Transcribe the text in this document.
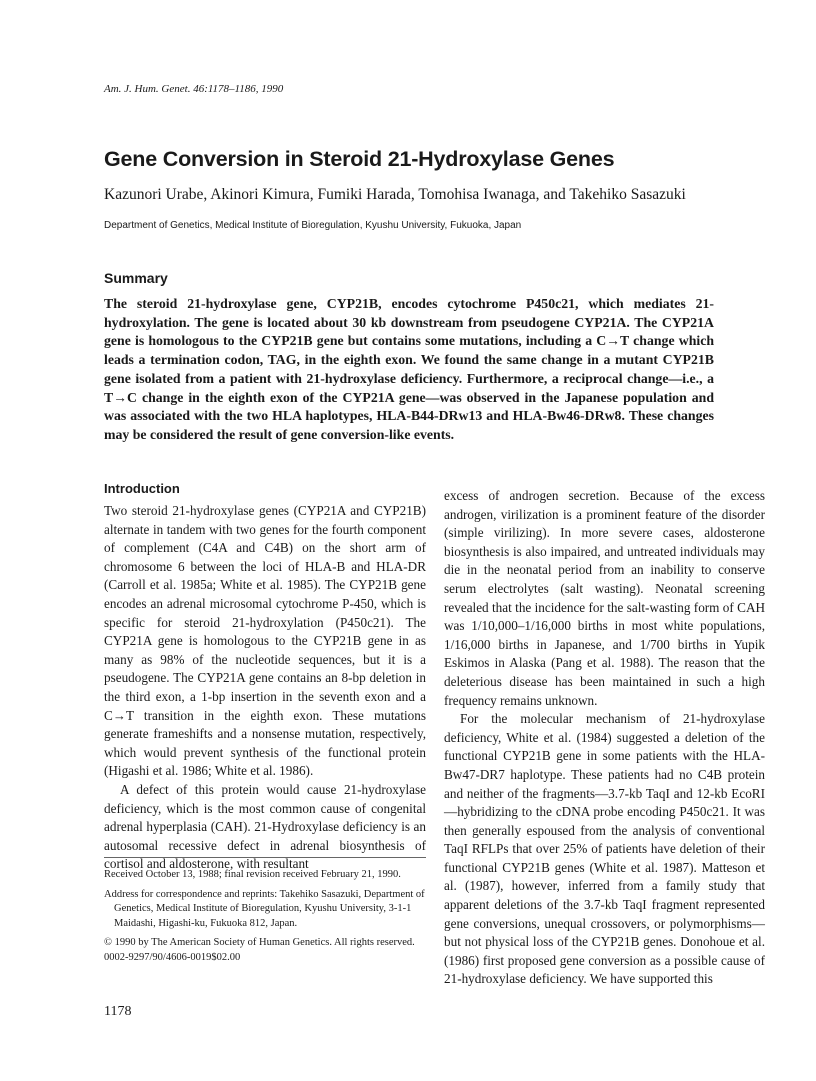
Am. J. Hum. Genet. 46:1178–1186, 1990
Gene Conversion in Steroid 21-Hydroxylase Genes
Kazunori Urabe, Akinori Kimura, Fumiki Harada, Tomohisa Iwanaga, and Takehiko Sasazuki
Department of Genetics, Medical Institute of Bioregulation, Kyushu University, Fukuoka, Japan
Summary

The steroid 21-hydroxylase gene, CYP21B, encodes cytochrome P450c21, which mediates 21-hydroxylation. The gene is located about 30 kb downstream from pseudogene CYP21A. The CYP21A gene is homologous to the CYP21B gene but contains some mutations, including a C→T change which leads a termination codon, TAG, in the eighth exon. We found the same change in a mutant CYP21B gene isolated from a patient with 21-hydroxylase deficiency. Furthermore, a reciprocal change—i.e., a T→C change in the eighth exon of the CYP21A gene—was observed in the Japanese population and was associated with the two HLA haplotypes, HLA-B44-DRw13 and HLA-Bw46-DRw8. These changes may be considered the result of gene conversion-like events.

Introduction

Two steroid 21-hydroxylase genes (CYP21A and CYP21B) alternate in tandem with two genes for the fourth component of complement (C4A and C4B) on the short arm of chromosome 6 between the loci of HLA-B and HLA-DR (Carroll et al. 1985a; White et al. 1985). The CYP21B gene encodes an adrenal microsomal cytochrome P-450, which is specific for steroid 21-hydroxylation (P450c21). The CYP21A gene is homologous to the CYP21B gene in as many as 98% of the nucleotide sequences, but it is a pseudogene. The CYP21A gene contains an 8-bp deletion in the third exon, a 1-bp insertion in the seventh exon and a C→T transition in the eighth exon. These mutations generate frameshifts and a nonsense mutation, respectively, which would prevent synthesis of the functional protein (Higashi et al. 1986; White et al. 1986).

A defect of this protein would cause 21-hydroxylase deficiency, which is the most common cause of congenital adrenal hyperplasia (CAH). 21-Hydroxylase deficiency is an autosomal recessive defect in adrenal biosynthesis of cortisol and aldosterone, with resultant

excess of androgen secretion. Because of the excess androgen, virilization is a prominent feature of the disorder (simple virilizing). In more severe cases, aldosterone biosynthesis is also impaired, and untreated individuals may die in the neonatal period from an inability to conserve serum electrolytes (salt wasting). Neonatal screening revealed that the incidence for the salt-wasting form of CAH was 1/10,000–1/16,000 births in most white populations, 1/16,000 births in Japanese, and 1/700 births in Yupik Eskimos in Alaska (Pang et al. 1988). The reason that the deleterious disease has been maintained in such a high frequency remains unknown.

For the molecular mechanism of 21-hydroxylase deficiency, White et al. (1984) suggested a deletion of the functional CYP21B gene in some patients with the HLA-Bw47-DR7 haplotype. These patients had no C4B protein and neither of the fragments—3.7-kb TaqI and 12-kb EcoRI—hybridizing to the cDNA probe encoding P450c21. It was then generally espoused from the analysis of conventional TaqI RFLPs that over 25% of patients have deletion of their functional CYP21B genes (White et al. 1987). Matteson et al. (1987), however, inferred from a family study that apparent deletions of the 3.7-kb TaqI fragment represented gene conversions, unequal crossovers, or polymorphisms—but not physical loss of the CYP21B genes. Donohoue et al. (1986) first proposed gene conversion as a possible cause of 21-hydroxylase deficiency. We have supported this

Received October 13, 1988; final revision received February 21, 1990.

Address for correspondence and reprints: Takehiko Sasazuki, Department of Genetics, Medical Institute of Bioregulation, Kyushu University, 3-1-1 Maidashi, Higashi-ku, Fukuoka 812, Japan.

© 1990 by The American Society of Human Genetics. All rights reserved.

0002-9297/90/4606-0019$02.00

1178
